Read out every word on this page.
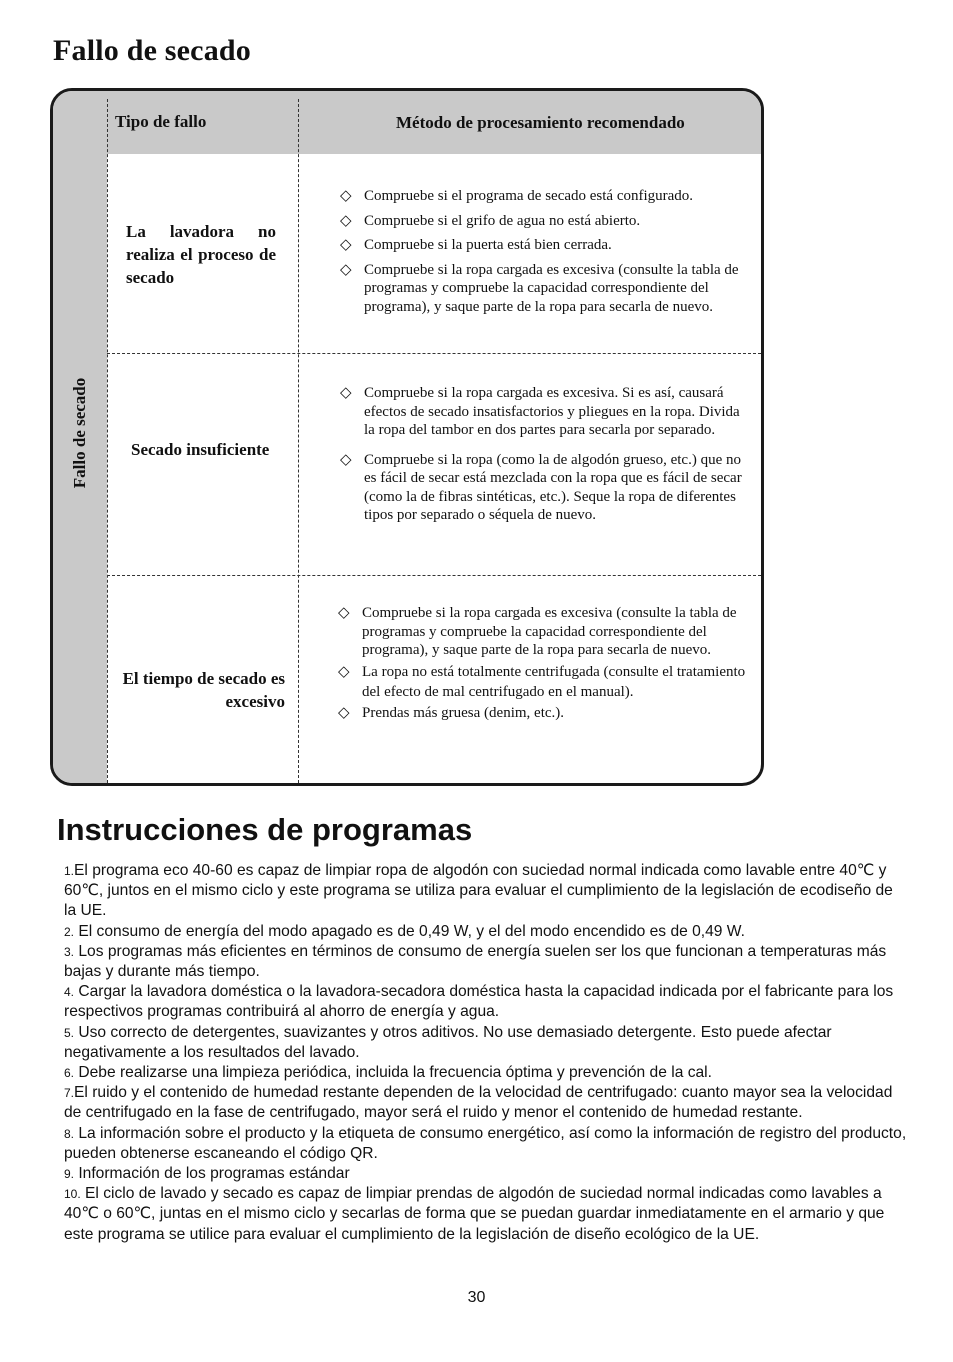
Fallo de secado
Tipo de fallo	Método de procesamiento recomendado
Fallo de secado
La lavadora no realiza el proceso de secado
◇ Compruebe si el programa de secado está configurado.
◇ Compruebe si el grifo de agua no está abierto.
◇ Compruebe si la puerta está bien cerrada.
◇ Compruebe si la ropa cargada es excesiva (consulte la tabla de programas y compruebe la capacidad correspondiente del programa), y saque parte de la ropa para secarla de nuevo.
Secado insuficiente
◇ Compruebe si la ropa cargada es excesiva. Si es así, causará efectos de secado insatisfactorios y pliegues en la ropa. Divida la ropa del tambor en dos partes para secarla por separado.
◇ Compruebe si la ropa (como la de algodón grueso, etc.) que no es fácil de secar está mezclada con la ropa que es fácil de secar (como la de fibras sintéticas, etc.). Seque la ropa de diferentes tipos por separado o séquela de nuevo.
El tiempo de secado es excesivo
◇ Compruebe si la ropa cargada es excesiva (consulte la tabla de programas y compruebe la capacidad correspondiente del programa), y saque parte de la ropa para secarla de nuevo.
◇ La ropa no está totalmente centrifugada (consulte el tratamiento del efecto de mal centrifugado en el manual).
◇ Prendas más gruesa (denim, etc.).
Instrucciones de programas
1.El programa eco 40-60 es capaz de limpiar ropa de algodón con suciedad normal indicada como lavable entre 40℃ y 60℃, juntos en el mismo ciclo y este programa se utiliza para evaluar el cumplimiento de la legislación de ecodiseño de la UE.
2. El consumo de energía del modo apagado es de 0,49 W, y el del modo encendido es de 0,49 W.
3. Los programas más eficientes en términos de consumo de energía suelen ser los que funcionan a temperaturas más bajas y durante más tiempo.
4. Cargar la lavadora doméstica o la lavadora-secadora doméstica hasta la capacidad indicada por el fabricante para los respectivos programas contribuirá al ahorro de energía y agua.
5. Uso correcto de detergentes, suavizantes y otros aditivos. No use demasiado detergente. Esto puede afectar negativamente a los resultados del lavado.
6. Debe realizarse una limpieza periódica, incluida la frecuencia óptima y prevención de la cal.
7.El ruido y el contenido de humedad restante dependen de la velocidad de centrifugado: cuanto mayor sea la velocidad de centrifugado en la fase de centrifugado, mayor será el ruido y menor el contenido de humedad restante.
8. La información sobre el producto y la etiqueta de consumo energético, así como la información de registro del producto, pueden obtenerse escaneando el código QR.
9. Información de los programas estándar
10. El ciclo de lavado y secado es capaz de limpiar prendas de algodón de suciedad normal indicadas como lavables a 40℃ o 60℃, juntas en el mismo ciclo y secarlas de forma que se puedan guardar inmediatamente en el armario y que este programa se utilice para evaluar el cumplimiento de la legislación de diseño ecológico de la UE.
30
